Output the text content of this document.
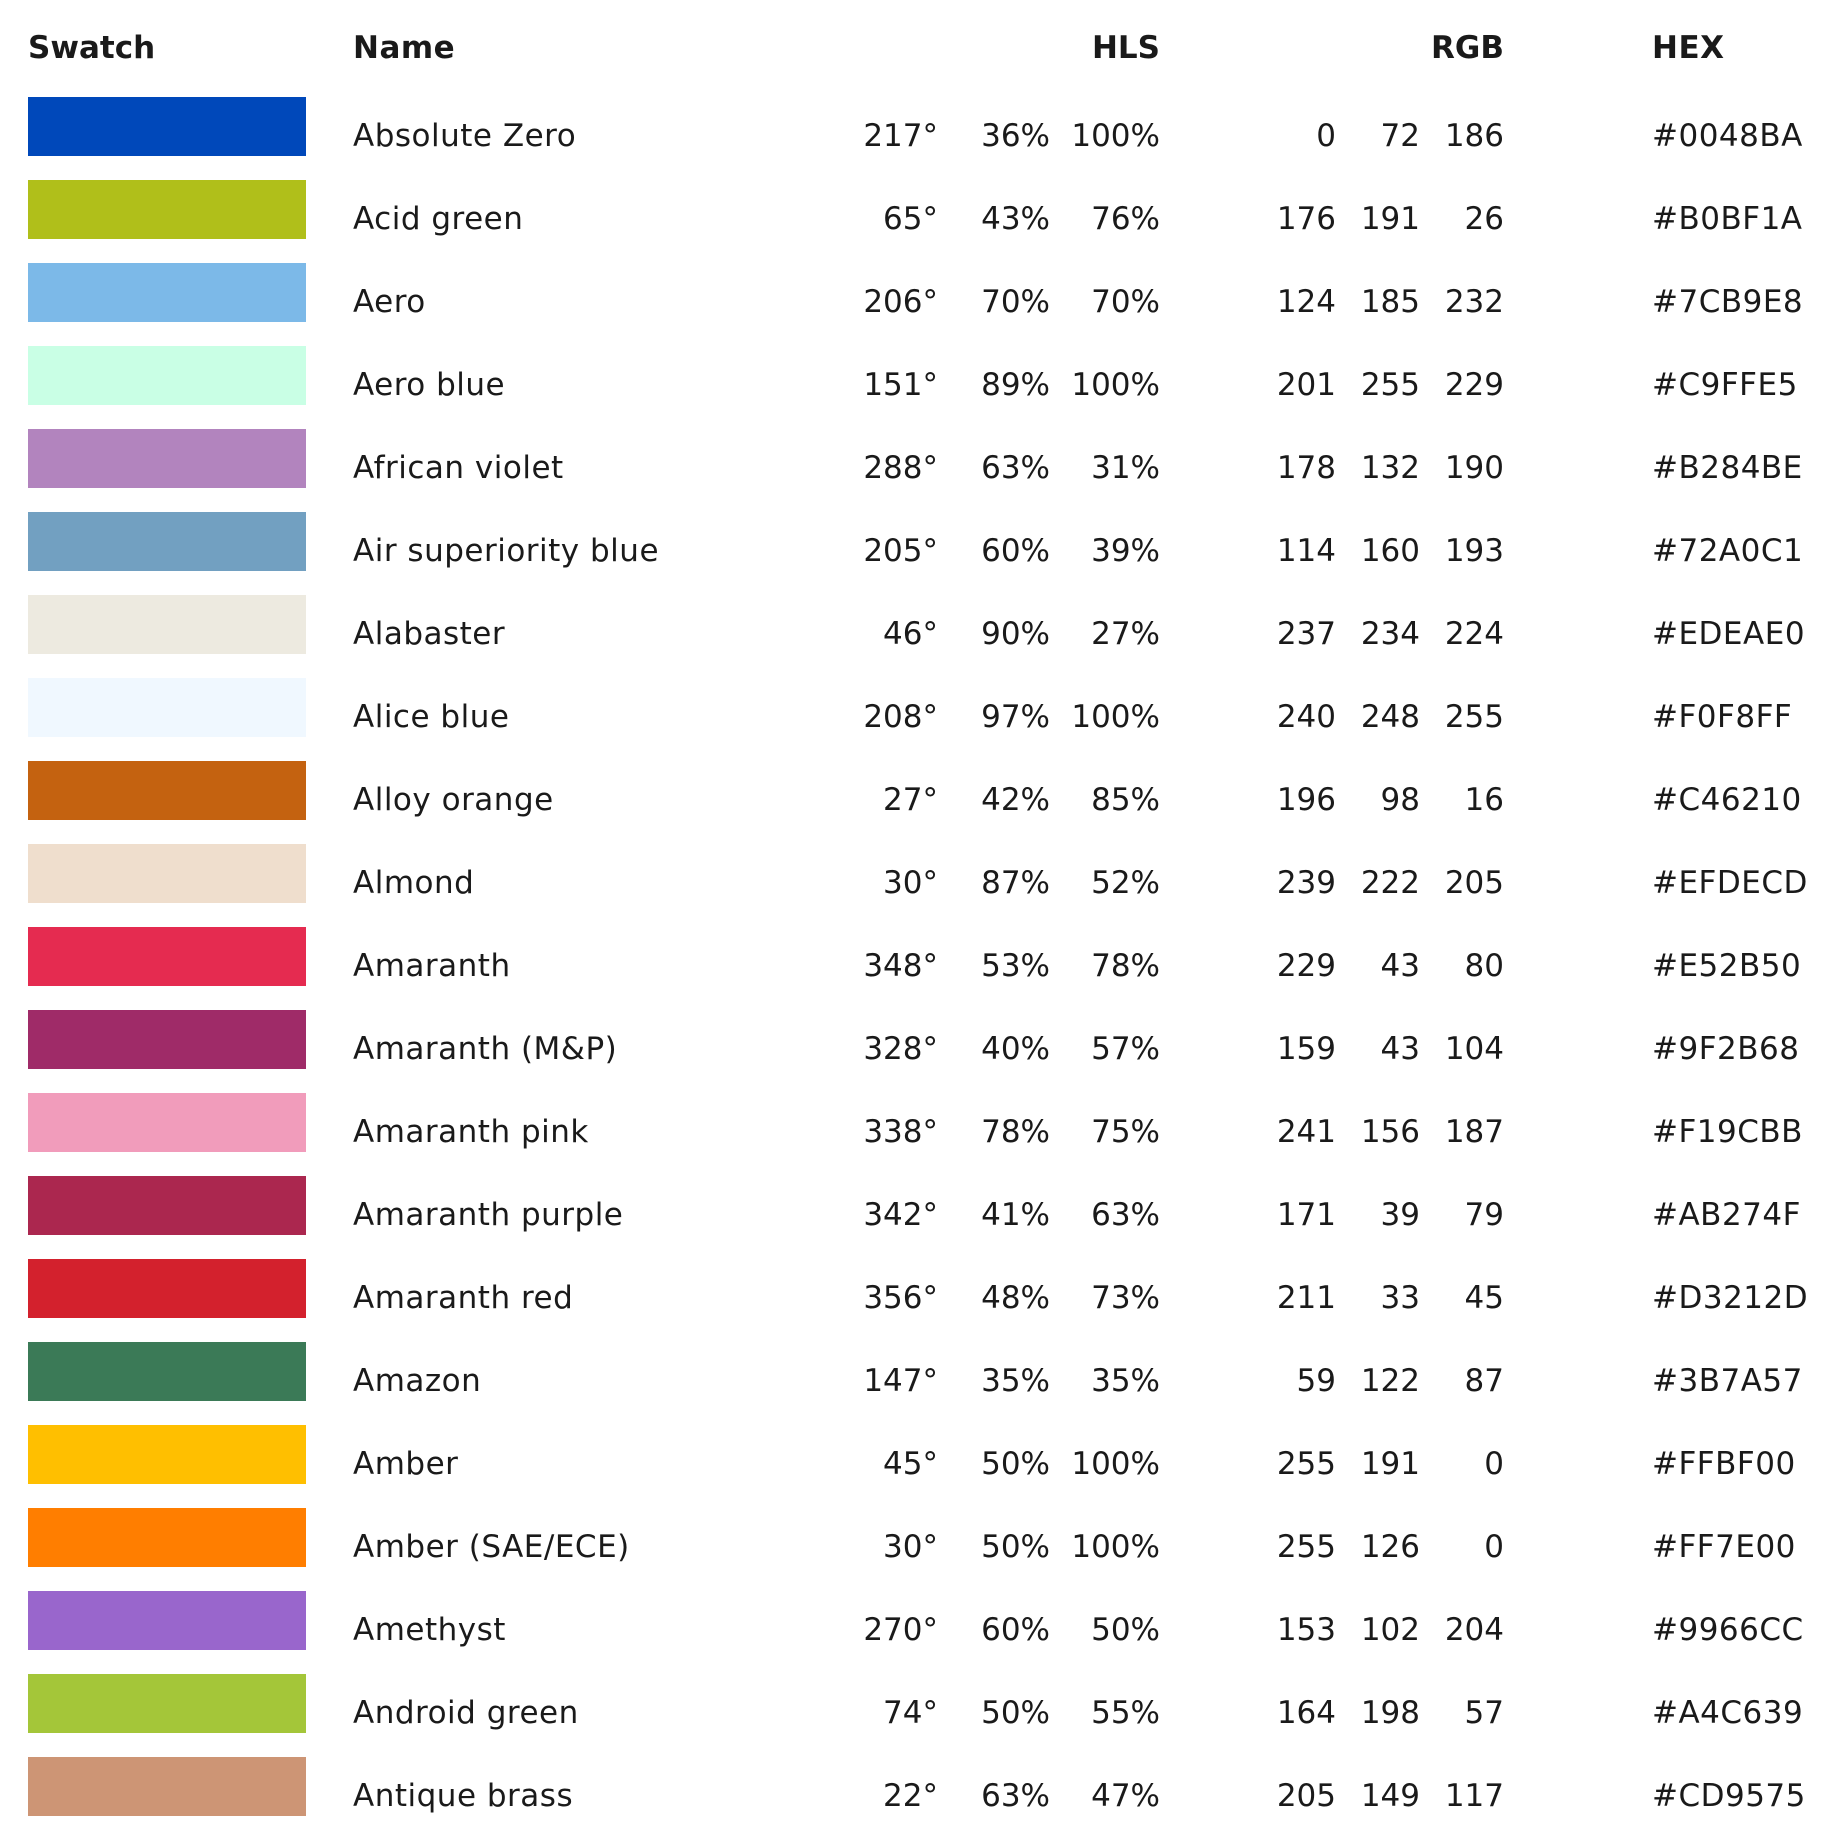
Swatch	Name	HLS	RGB	HEX
Absolute Zero	217°	36% 100%	0	72 186	#0048BA
Acid green	65°	43%	76%	176 191	26	#B0BF1A
Aero	206°	70%	70%	124 185 232	#7CB9E8
Aero blue	151°	89% 100%	201 255 229	#C9FFE5
African violet	288°	63%	31%	178 132 190	#B284BE
Air superiority blue	205°	60%	39%	114 160 193	#72A0C1
Alabaster	46°	90%	27%	237 234 224	#EDEAE0
Alice blue	208°	97% 100%	240 248 255	#F0F8FF
Alloy orange	27°	42%	85%	196	98	16	#C46210
Almond	30°	87%	52%	239 222 205	#EFDECD
Amaranth	348°	53%	78%	229	43	80	#E52B50
Amaranth (M&P)	328°	40%	57%	159	43 104	#9F2B68
Amaranth pink	338°	78%	75%	241 156 187	#F19CBB
Amaranth purple	342°	41%	63%	171	39	79	#AB274F
Amaranth red	356°	48%	73%	211	33	45	#D3212D
Amazon	147°	35%	35%	59 122	87	#3B7A57
Amber	45°	50% 100%	255 191	0	#FFBF00
Amber (SAE/ECE)	30°	50% 100%	255 126	0	#FF7E00
Amethyst	270°	60%	50%	153 102 204	#9966CC
Android green	74°	50%	55%	164 198	57	#A4C639
Antique brass	22°	63%	47%	205 149 117	#CD9575
